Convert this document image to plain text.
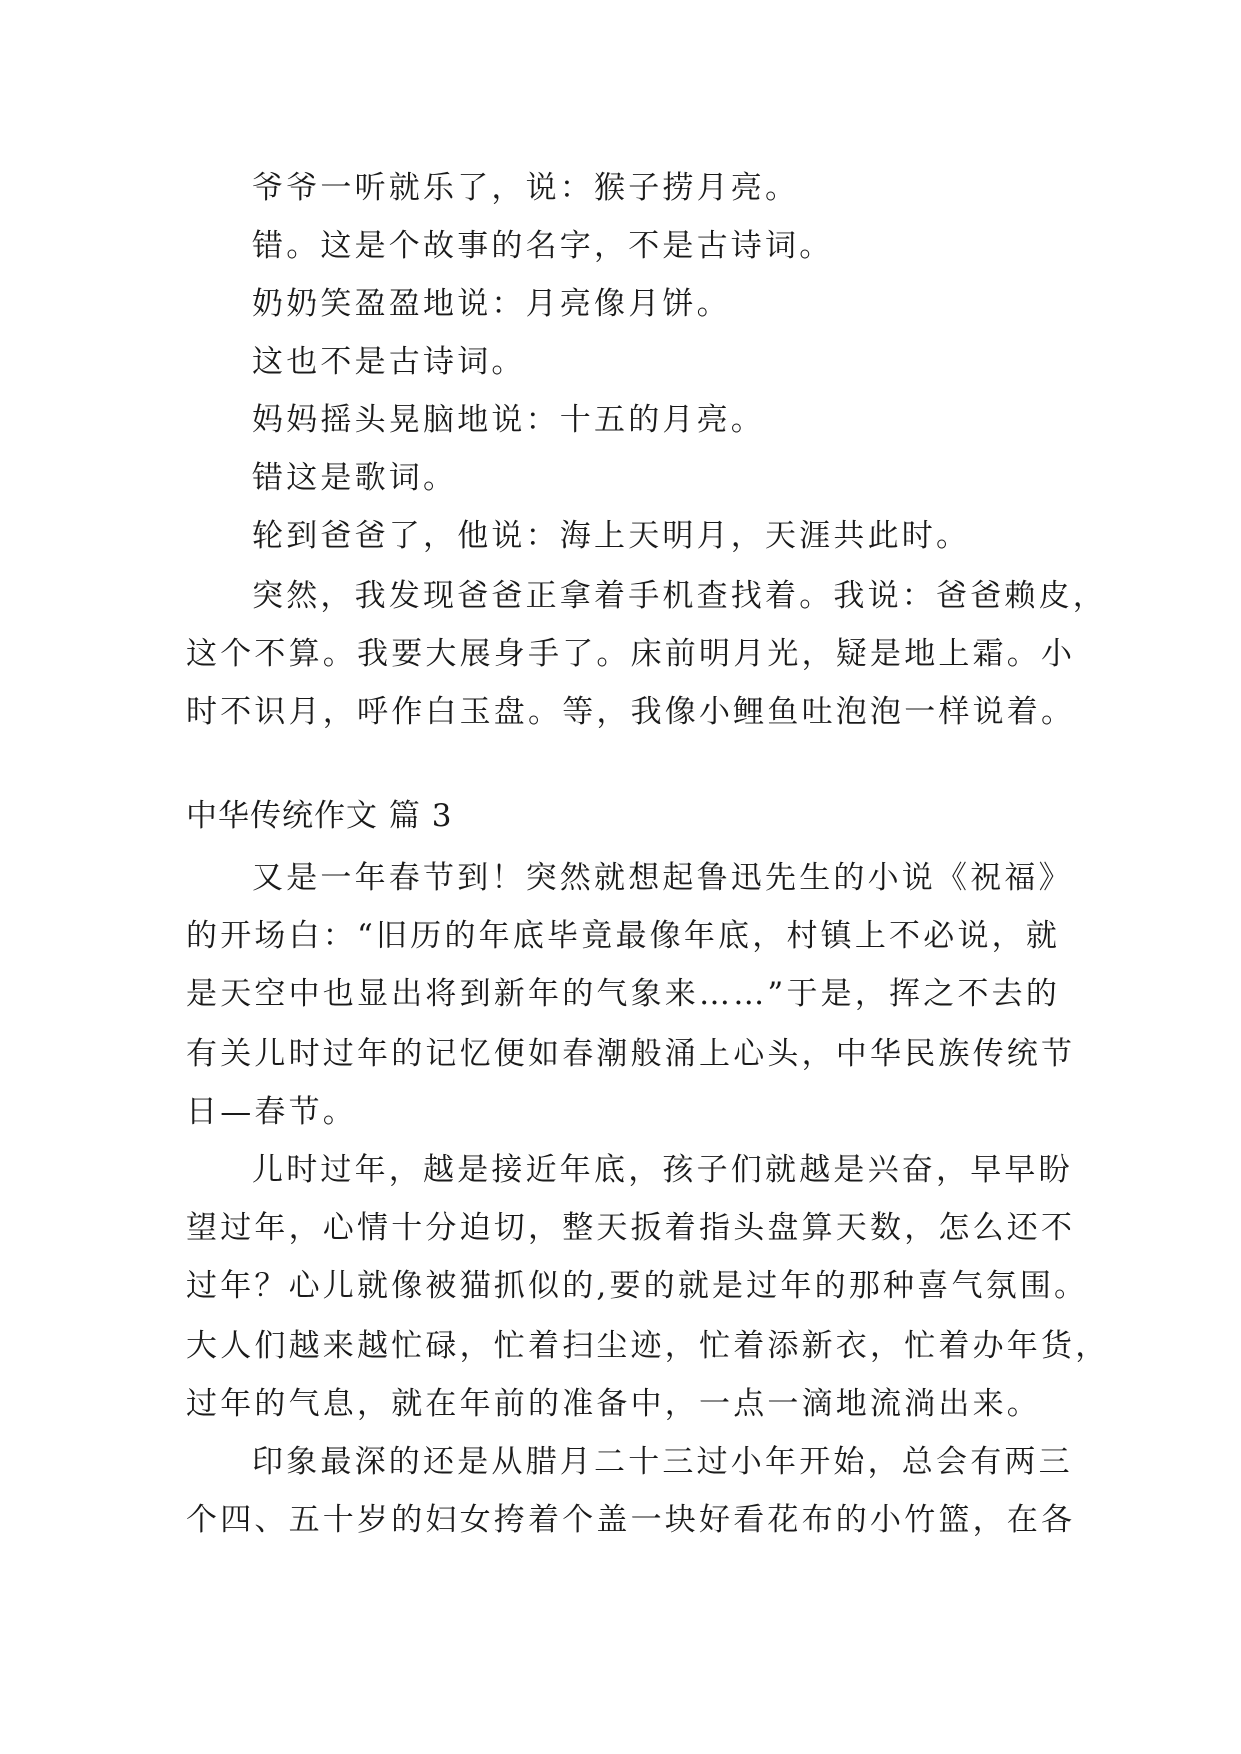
爷爷一听就乐了，说：猴子捞月亮。

错。这是个故事的名字，不是古诗词。

奶奶笑盈盈地说：月亮像月饼。

这也不是古诗词。

妈妈摇头晃脑地说：十五的月亮。

错这是歌词。

轮到爸爸了，他说：海上天明月，天涯共此时。

突然，我发现爸爸正拿着手机查找着。我说：爸爸赖皮，

这个不算。我要大展身手了。床前明月光，疑是地上霜。小

时不识月，呼作白玉盘。等，我像小鲤鱼吐泡泡一样说着。

中华传统作文 篇 3

又是一年春节到！突然就想起鲁迅先生的小说《祝福》

的开场白：“旧历的年底毕竟最像年底，村镇上不必说，就

是天空中也显出将到新年的气象来……”于是，挥之不去的

有关儿时过年的记忆便如春潮般涌上心头，中华民族传统节

日—春节。

儿时过年，越是接近年底，孩子们就越是兴奋，早早盼

望过年，心情十分迫切，整天扳着指头盘算天数，怎么还不

过年？心儿就像被猫抓似的,要的就是过年的那种喜气氛围。

大人们越来越忙碌，忙着扫尘迹，忙着添新衣，忙着办年货，

过年的气息，就在年前的准备中，一点一滴地流淌出来。

印象最深的还是从腊月二十三过小年开始，总会有两三

个四、五十岁的妇女挎着个盖一块好看花布的小竹篮，在各
